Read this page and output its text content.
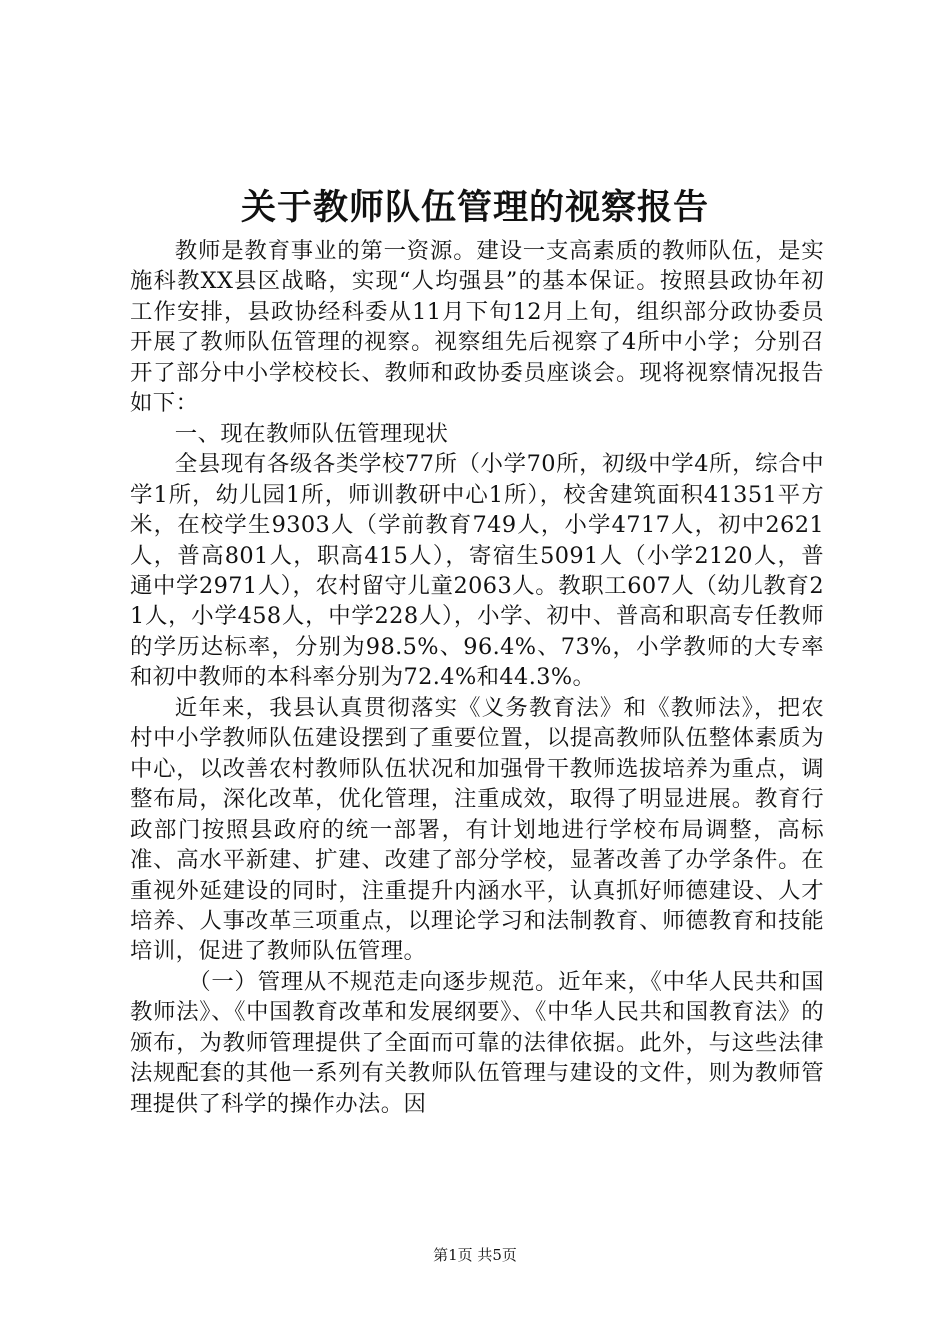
关于教师队伍管理的视察报告

教师是教育事业的第一资源。建设一支高素质的教师队伍，是实施科教XX县区战略，实现“人均强县”的基本保证。按照县政协年初工作安排，县政协经科委从11月下旬12月上旬，组织部分政协委员开展了教师队伍管理的视察。视察组先后视察了4所中小学；分别召开了部分中小学校校长、教师和政协委员座谈会。现将视察情况报告如下：

一、现在教师队伍管理现状

全县现有各级各类学校77所（小学70所，初级中学4所，综合中学1所，幼儿园1所，师训教研中心1所），校舍建筑面积41351平方米，在校学生9303人（学前教育749人，小学4717人，初中2621人，普高801人，职高415人），寄宿生5091人（小学2120人，普通中学2971人），农村留守儿童2063人。教职工607人（幼儿教育21人，小学458人，中学228人），小学、初中、普高和职高专任教师的学历达标率，分别为98.5%、96.4%、73%，小学教师的大专率和初中教师的本科率分别为72.4%和44.3%。

近年来，我县认真贯彻落实《义务教育法》和《教师法》，把农村中小学教师队伍建设摆到了重要位置，以提高教师队伍整体素质为中心，以改善农村教师队伍状况和加强骨干教师选拔培养为重点，调整布局，深化改革，优化管理，注重成效，取得了明显进展。教育行政部门按照县政府的统一部署，有计划地进行学校布局调整，高标准、高水平新建、扩建、改建了部分学校，显著改善了办学条件。在重视外延建设的同时，注重提升内涵水平，认真抓好师德建设、人才培养、人事改革三项重点，以理论学习和法制教育、师德教育和技能培训，促进了教师队伍管理。

（一）管理从不规范走向逐步规范。近年来，《中华人民共和国教师法》、《中国教育改革和发展纲要》、《中华人民共和国教育法》的颁布，为教师管理提供了全面而可靠的法律依据。此外，与这些法律法规配套的其他一系列有关教师队伍管理与建设的文件，则为教师管理提供了科学的操作办法。因

第1页 共5页
